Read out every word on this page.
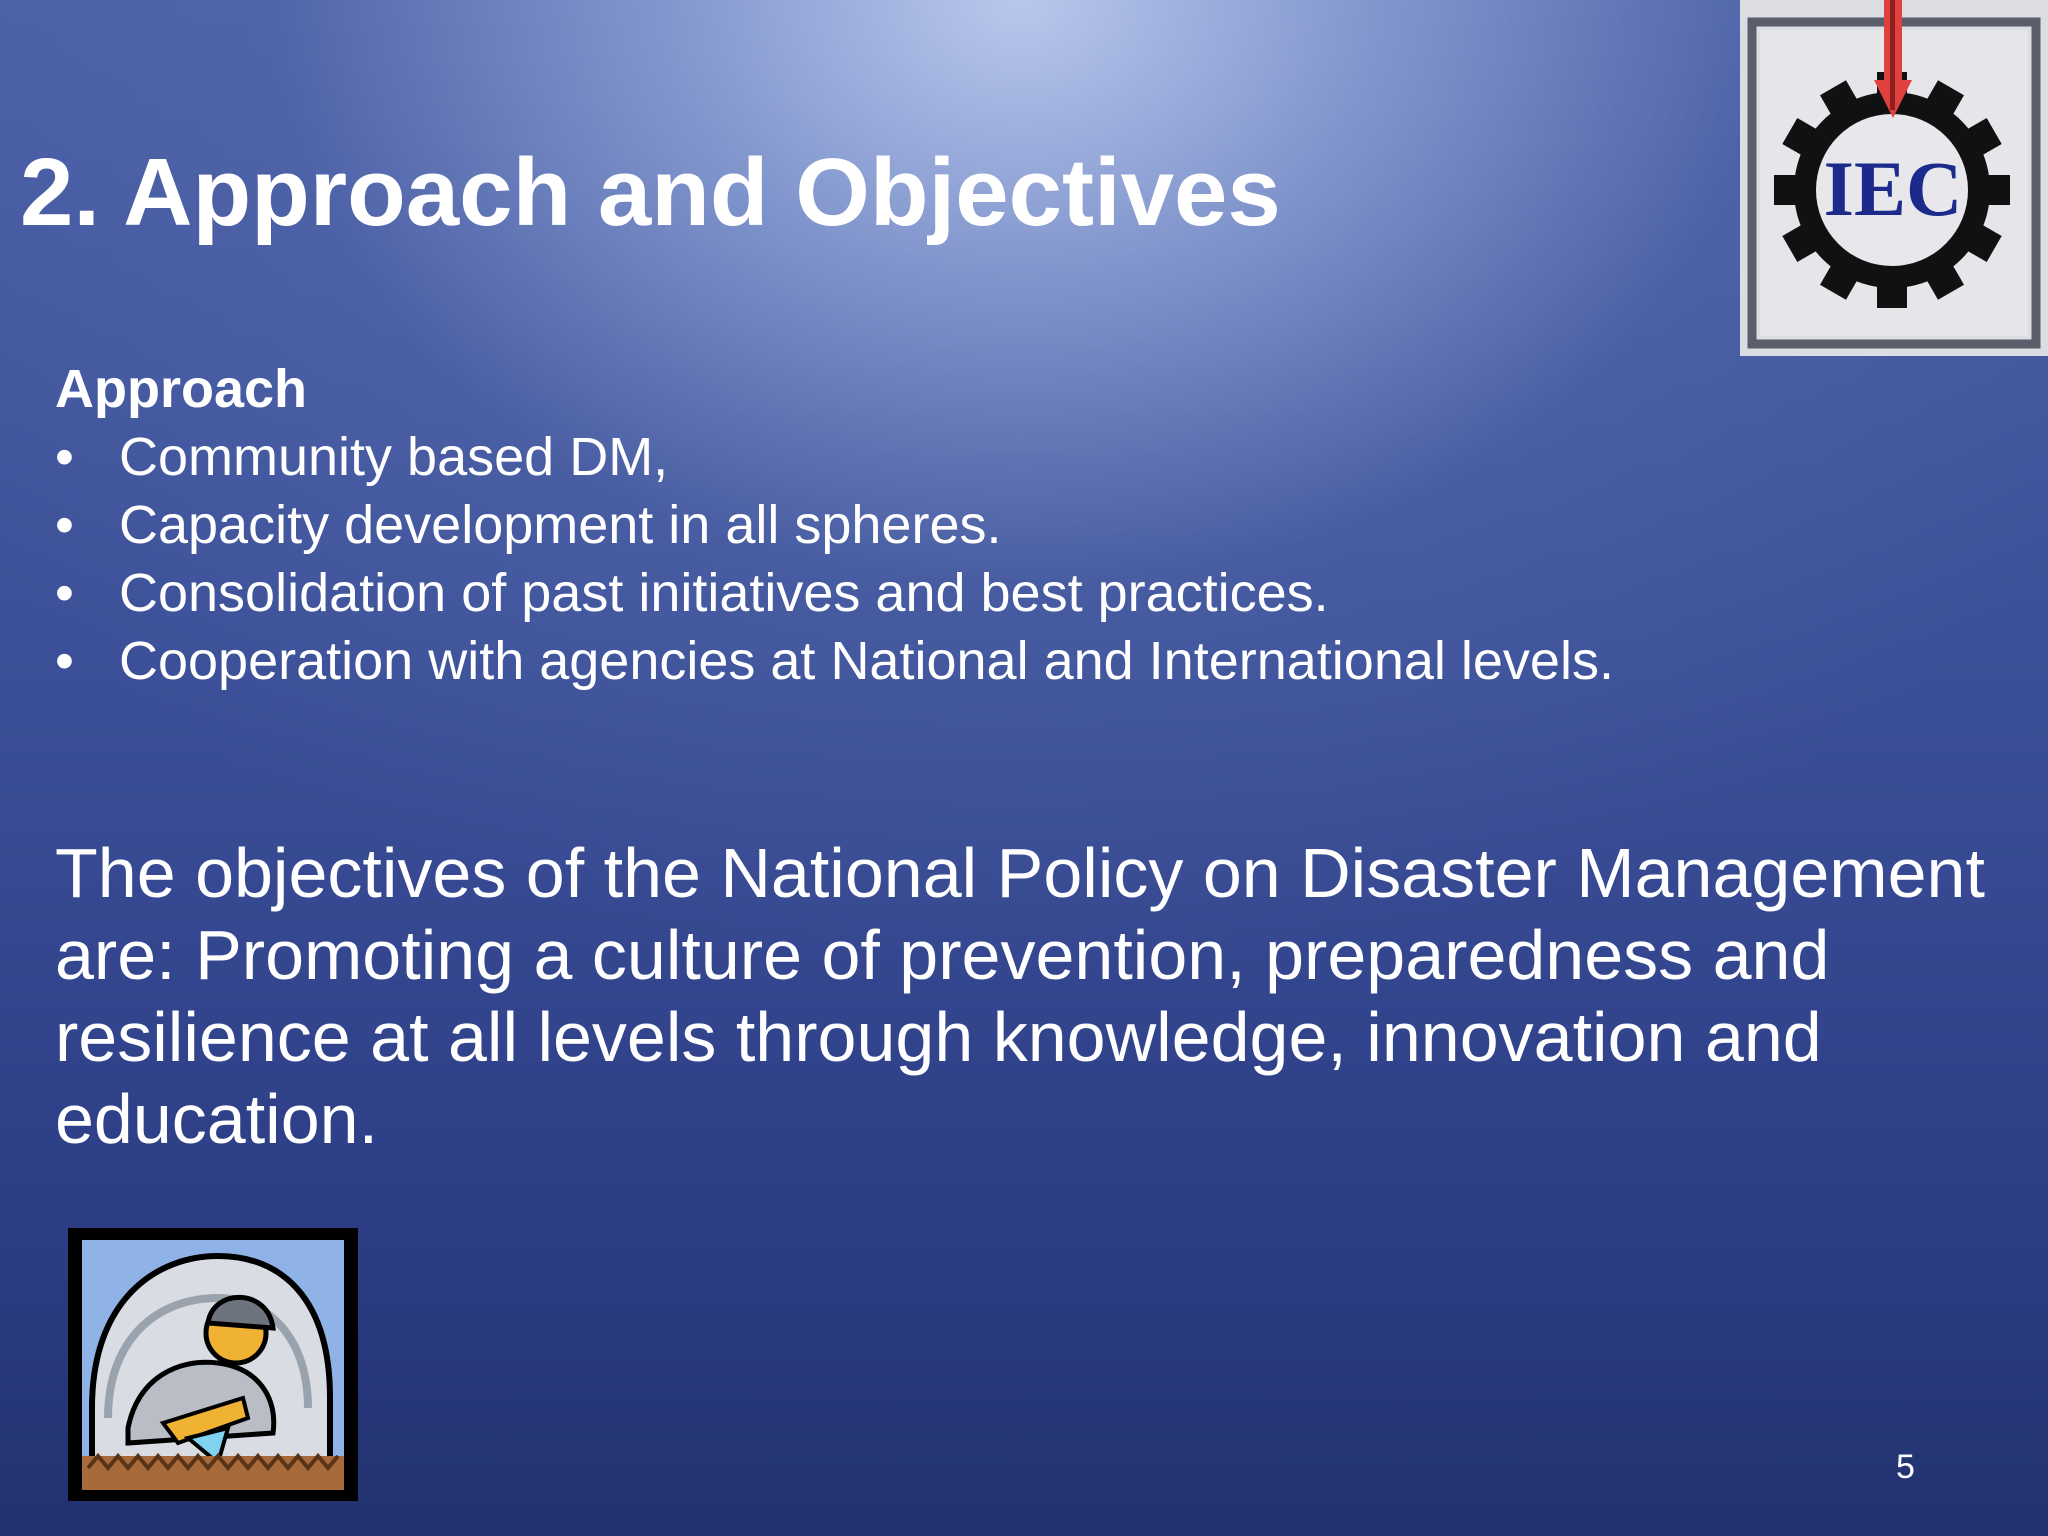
2. Approach and Objectives	IEC
Approach
• Community based DM,
• Capacity development in all spheres.
• Consolidation of past initiatives and best practices.
• Cooperation with agencies at National and International levels.
The objectives of the National Policy on Disaster Management are: Promoting a culture of prevention, preparedness and resilience at all levels through knowledge, innovation and education.
5
